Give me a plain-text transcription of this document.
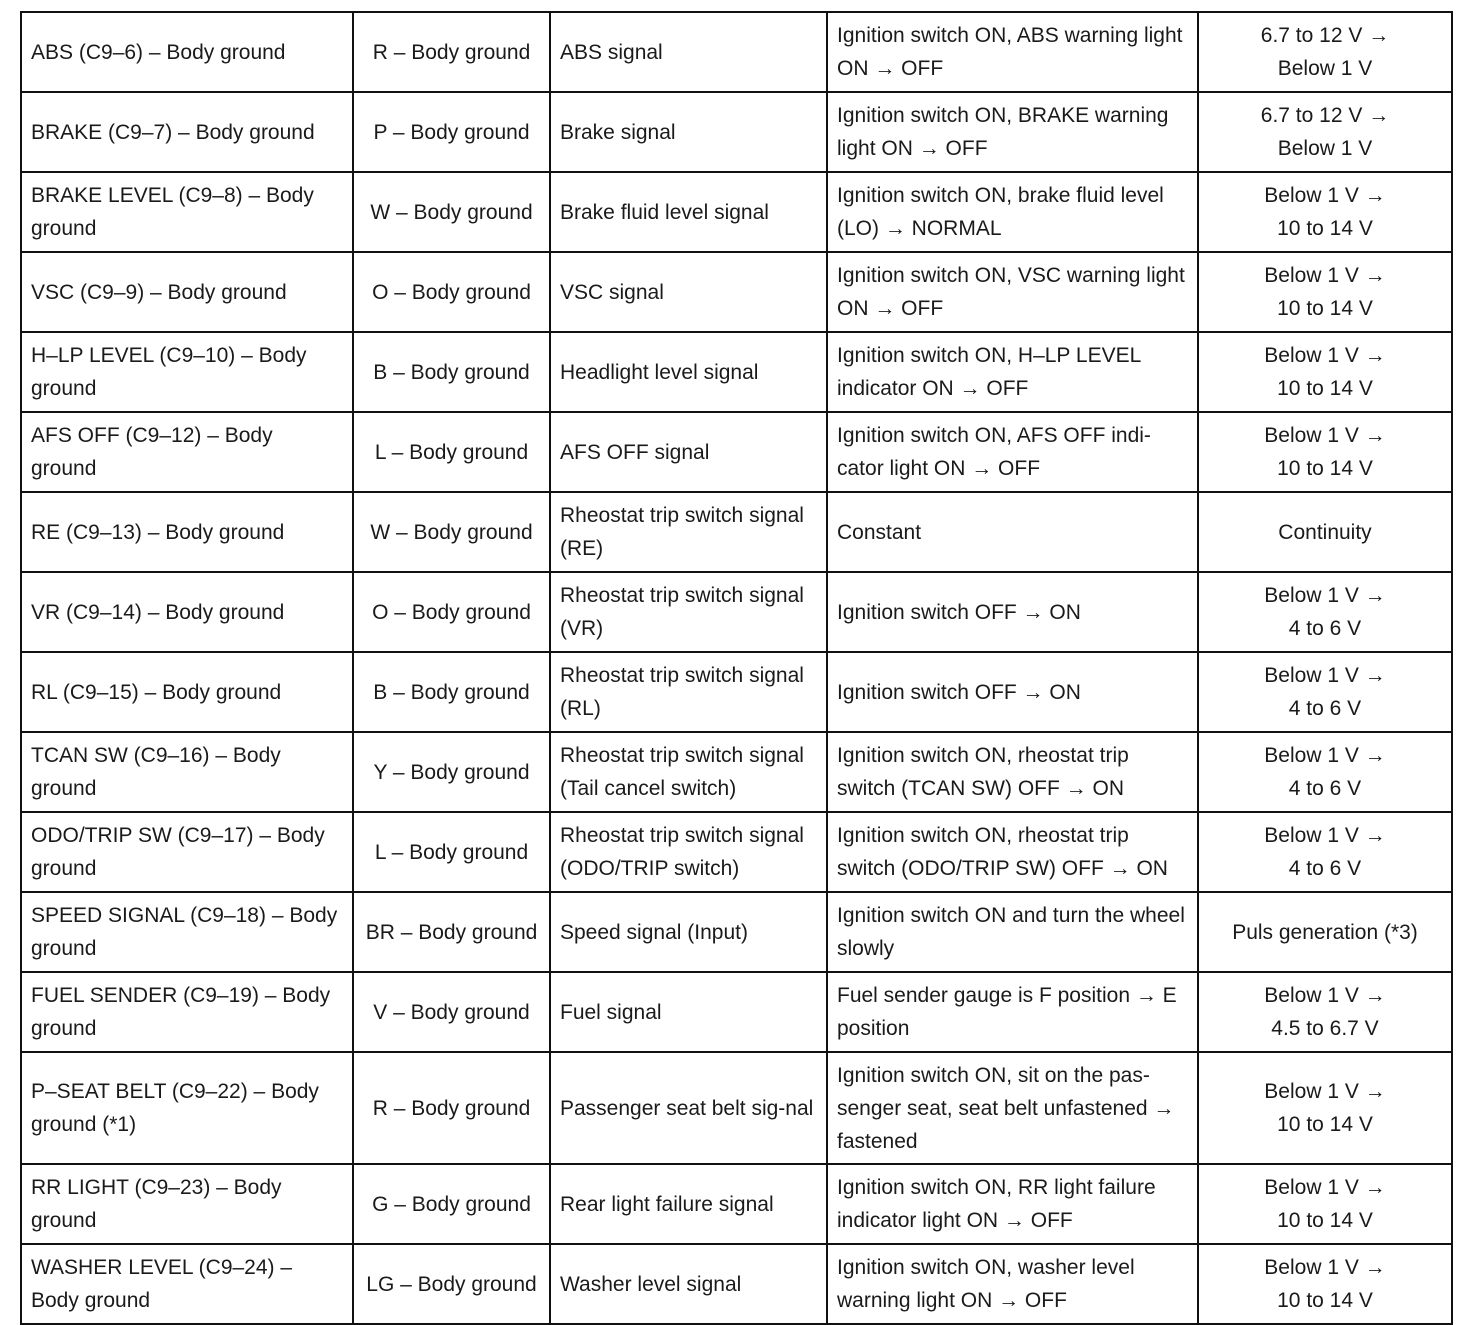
ABS (C9–6) – Body ground	R – Body ground	ABS signal	Ignition switch ON, ABS warning light ON → OFF	6.7 to 12 V →
Below 1 V

BRAKE (C9–7) – Body ground	P – Body ground	Brake signal	Ignition switch ON, BRAKE warning light ON → OFF	6.7 to 12 V →
Below 1 V

BRAKE LEVEL (C9–8) – Body ground	W – Body ground	Brake fluid level signal	Ignition switch ON, brake fluid level (LO) → NORMAL	Below 1 V →
10 to 14 V

VSC (C9–9) – Body ground	O – Body ground	VSC signal	Ignition switch ON, VSC warning light ON → OFF	Below 1 V →
10 to 14 V

H–LP LEVEL (C9–10) – Body ground	B – Body ground	Headlight level signal	Ignition switch ON, H–LP LEVEL indicator ON → OFF	Below 1 V →
10 to 14 V

AFS OFF (C9–12) – Body ground	L – Body ground	AFS OFF signal	Ignition switch ON, AFS OFF indi-cator light ON → OFF	Below 1 V →
10 to 14 V

RE (C9–13) – Body ground	W – Body ground	Rheostat trip switch signal (RE)	Constant	Continuity

VR (C9–14) – Body ground	O – Body ground	Rheostat trip switch signal (VR)	Ignition switch OFF → ON	Below 1 V →
4 to 6 V

RL (C9–15) – Body ground	B – Body ground	Rheostat trip switch signal (RL)	Ignition switch OFF → ON	Below 1 V →
4 to 6 V

TCAN SW (C9–16) – Body ground	Y – Body ground	Rheostat trip switch signal (Tail cancel switch)	Ignition switch ON, rheostat trip switch (TCAN SW) OFF → ON	Below 1 V →
4 to 6 V

ODO/TRIP SW (C9–17) – Body ground	L – Body ground	Rheostat trip switch signal (ODO/TRIP switch)	Ignition switch ON, rheostat trip switch (ODO/TRIP SW) OFF → ON	Below 1 V →
4 to 6 V

SPEED SIGNAL (C9–18) – Body ground	BR – Body ground	Speed signal (Input)	Ignition switch ON and turn the wheel slowly	Puls generation (*3)

FUEL SENDER (C9–19) – Body ground	V – Body ground	Fuel signal	Fuel sender gauge is F position → E position	Below 1 V →
4.5 to 6.7 V

P–SEAT BELT (C9–22) – Body ground (*1)	R – Body ground	Passenger seat belt sig-nal	Ignition switch ON, sit on the pas-senger seat, seat belt unfastened → fastened	Below 1 V →
10 to 14 V

RR LIGHT (C9–23) – Body ground	G – Body ground	Rear light failure signal	Ignition switch ON, RR light failure indicator light ON → OFF	Below 1 V →
10 to 14 V

WASHER LEVEL (C9–24) – Body ground	LG – Body ground	Washer level signal	Ignition switch ON, washer level warning light ON → OFF	Below 1 V →
10 to 14 V
